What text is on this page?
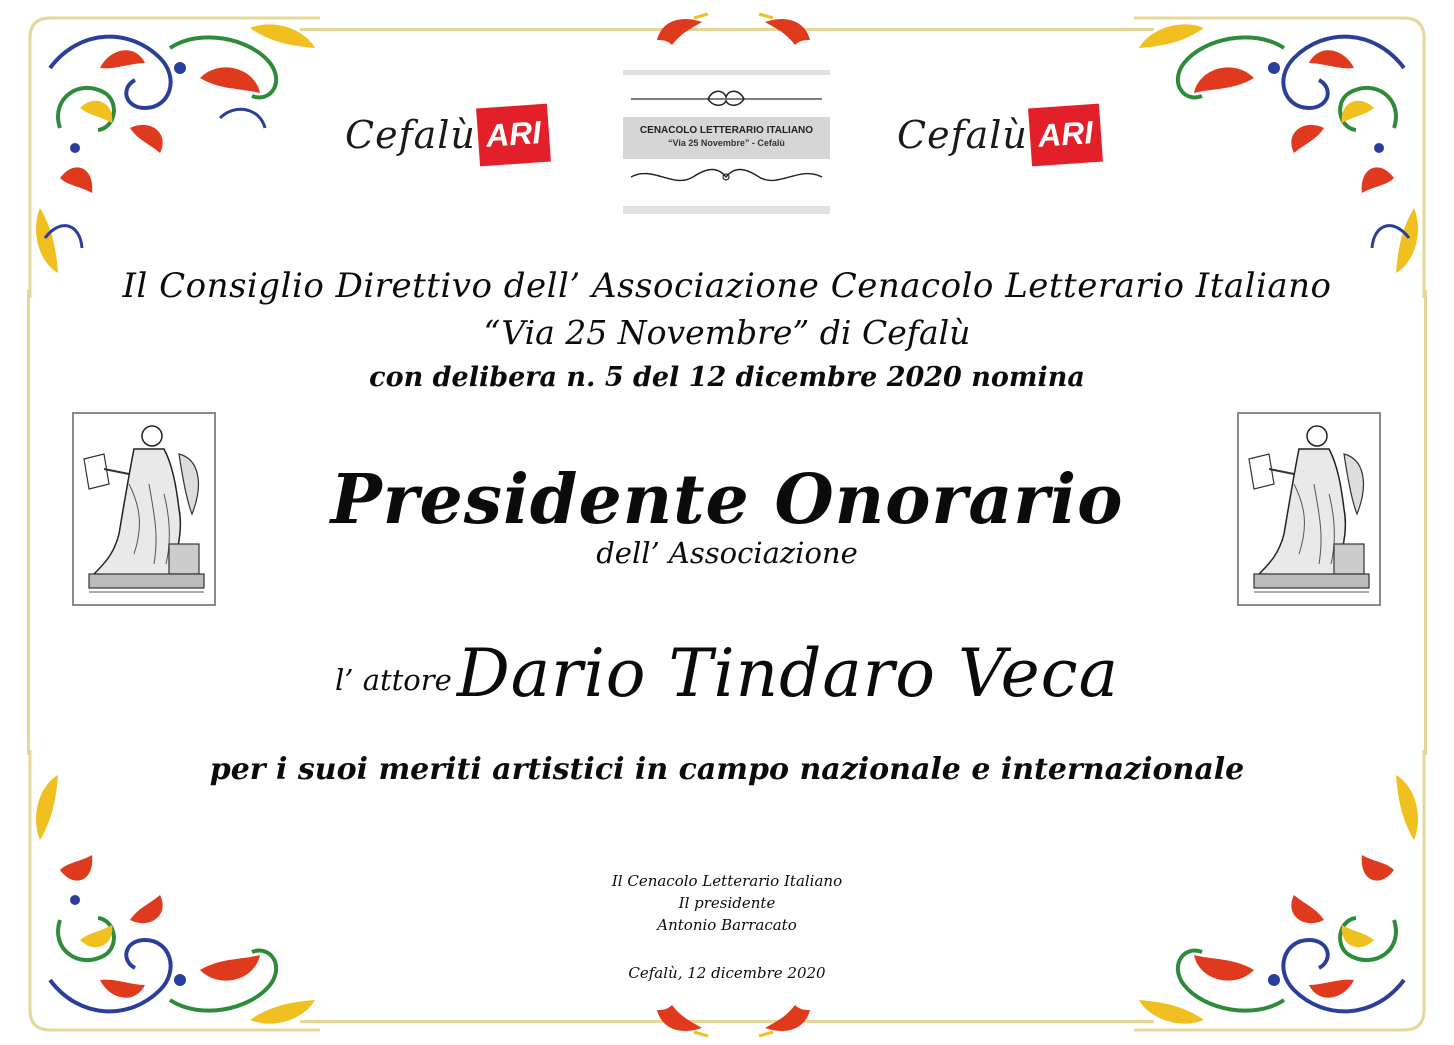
Cefalù ARI	Cefalù ARI
CENACOLO LETTERARIO ITALIANO
“Via 25 Novembre” - Cefalù
Il Consiglio Direttivo dell’ Associazione Cenacolo Letterario Italiano
“Via 25 Novembre” di Cefalù
con delibera n. 5 del 12 dicembre 2020 nomina
Presidente Onorario
dell’ Associazione
l’ attore Dario Tindaro Veca
per i suoi meriti artistici in campo nazionale e internazionale
Il Cenacolo Letterario Italiano
Il presidente
Antonio Barracato
Cefalù, 12 dicembre 2020
